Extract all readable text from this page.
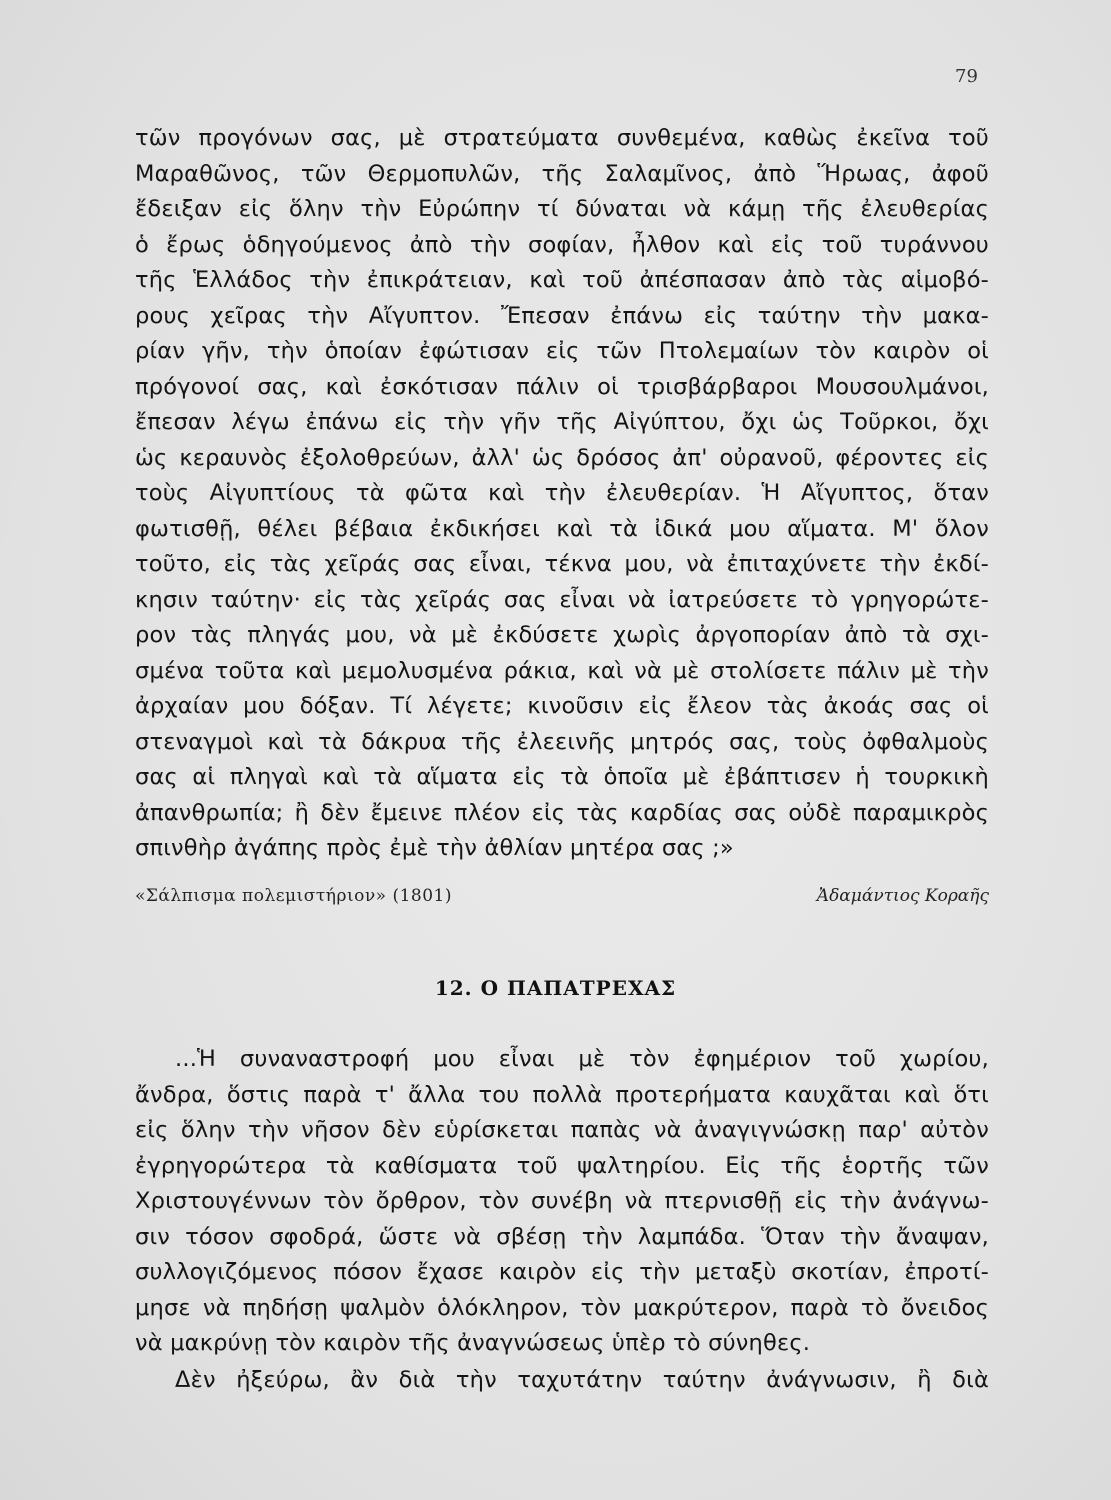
79
τῶν προγόνων σας, μὲ στρατεύματα συνθεμένα, καθὼς ἐκεῖνα τοῦ
Μαραθῶνος, τῶν Θερμοπυλῶν, τῆς Σαλαμῖνος, ἀπὸ Ἥρωας, ἀφοῦ
ἔδειξαν εἰς ὅλην τὴν Εὐρώπην τί δύναται νὰ κάμῃ τῆς ἐλευθερίας
ὁ ἔρως ὁδηγούμενος ἀπὸ τὴν σοφίαν, ἦλθον καὶ εἰς τοῦ τυράννου
τῆς Ἑλλάδος τὴν ἐπικράτειαν, καὶ τοῦ ἀπέσπασαν ἀπὸ τὰς αἱμοβό-
ρους χεῖρας τὴν Αἴγυπτον. Ἔπεσαν ἐπάνω εἰς ταύτην τὴν μακα-
ρίαν γῆν, τὴν ὁποίαν ἐφώτισαν εἰς τῶν Πτολεμαίων τὸν καιρὸν οἱ
πρόγονοί σας, καὶ ἐσκότισαν πάλιν οἱ τρισβάρβαροι Μουσουλμάνοι,
ἔπεσαν λέγω ἐπάνω εἰς τὴν γῆν τῆς Αἰγύπτου, ὄχι ὡς Τοῦρκοι, ὄχι
ὡς κεραυνὸς ἐξολοθρεύων, ἀλλ' ὡς δρόσος ἀπ' οὐρανοῦ, φέροντες εἰς
τοὺς Αἰγυπτίους τὰ φῶτα καὶ τὴν ἐλευθερίαν. Ἡ Αἴγυπτος, ὅταν
φωτισθῇ, θέλει βέβαια ἐκδικήσει καὶ τὰ ἰδικά μου αἵματα. Μ' ὅλον
τοῦτο, εἰς τὰς χεῖράς σας εἶναι, τέκνα μου, νὰ ἐπιταχύνετε τὴν ἐκδί-
κησιν ταύτην· εἰς τὰς χεῖράς σας εἶναι νὰ ἰατρεύσετε τὸ γρηγορώτε-
ρον τὰς πληγάς μου, νὰ μὲ ἐκδύσετε χωρὶς ἀργοπορίαν ἀπὸ τὰ σχι-
σμένα τοῦτα καὶ μεμολυσμένα ράκια, καὶ νὰ μὲ στολίσετε πάλιν μὲ τὴν
ἀρχαίαν μου δόξαν. Τί λέγετε; κινοῦσιν εἰς ἔλεον τὰς ἀκοάς σας οἱ
στεναγμοὶ καὶ τὰ δάκρυα τῆς ἐλεεινῆς μητρός σας, τοὺς ὀφθαλμοὺς
σας αἱ πληγαὶ καὶ τὰ αἵματα εἰς τὰ ὁποῖα μὲ ἐβάπτισεν ἡ τουρκικὴ
ἀπανθρωπία; ἢ δὲν ἔμεινε πλέον εἰς τὰς καρδίας σας οὐδὲ παραμικρὸς
σπινθὴρ ἀγάπης πρὸς ἐμὲ τὴν ἀθλίαν μητέρα σας ;»
«Σάλπισμα πολεμιστήριον» (1801)	Ἀδαμάντιος Κοραῆς
12. Ο ΠΑΠΑΤΡΕΧΑΣ
...Ἡ συναναστροφή μου εἶναι μὲ τὸν ἐφημέριον τοῦ χωρίου,
ἄνδρα, ὅστις παρὰ τ' ἄλλα του πολλὰ προτερήματα καυχᾶται καὶ ὅτι
εἰς ὅλην τὴν νῆσον δὲν εὑρίσκεται παπὰς νὰ ἀναγιγνώσκῃ παρ' αὐτὸν
ἐγρηγορώτερα τὰ καθίσματα τοῦ ψαλτηρίου. Εἰς τῆς ἑορτῆς τῶν
Χριστουγέννων τὸν ὄρθρον, τὸν συνέβη νὰ πτερνισθῇ εἰς τὴν ἀνάγνω-
σιν τόσον σφοδρά, ὥστε νὰ σβέσῃ τὴν λαμπάδα. Ὅταν τὴν ἄναψαν,
συλλογιζόμενος πόσον ἔχασε καιρὸν εἰς τὴν μεταξὺ σκοτίαν, ἐπροτί-
μησε νὰ πηδήσῃ ψαλμὸν ὁλόκληρον, τὸν μακρύτερον, παρὰ τὸ ὄνειδος
νὰ μακρύνῃ τὸν καιρὸν τῆς ἀναγνώσεως ὑπὲρ τὸ σύνηθες.
Δὲν ἠξεύρω, ἂν διὰ τὴν ταχυτάτην ταύτην ἀνάγνωσιν, ἢ διὰ
